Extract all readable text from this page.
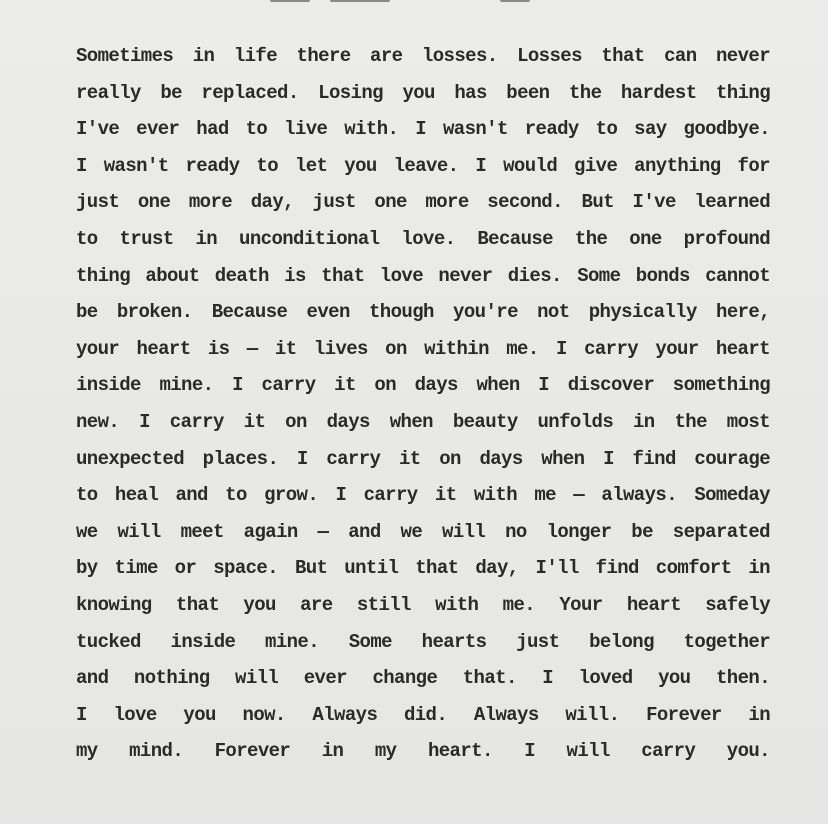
Sometimes in life there are losses. Losses that can never
really be replaced. Losing you has been the hardest thing
I've ever had to live with. I wasn't ready to say goodbye.
I wasn't ready to let you leave. I would give anything for
just one more day, just one more second. But I've learned
to trust in unconditional love. Because the one profound
thing about death is that love never dies. Some bonds cannot
be broken. Because even though you're not physically here,
your heart is — it lives on within me. I carry your heart
inside mine. I carry it on days when I discover something
new. I carry it on days when beauty unfolds in the most
unexpected places. I carry it on days when I find courage
to heal and to grow. I carry it with me — always. Someday
we will meet again — and we will no longer be separated
by time or space. But until that day, I'll find comfort in
knowing that you are still with me. Your heart safely
tucked inside mine. Some hearts just belong together
and nothing will ever change that. I loved you then.
I love you now. Always did. Always will. Forever in
my mind. Forever in my heart. I will carry you.
